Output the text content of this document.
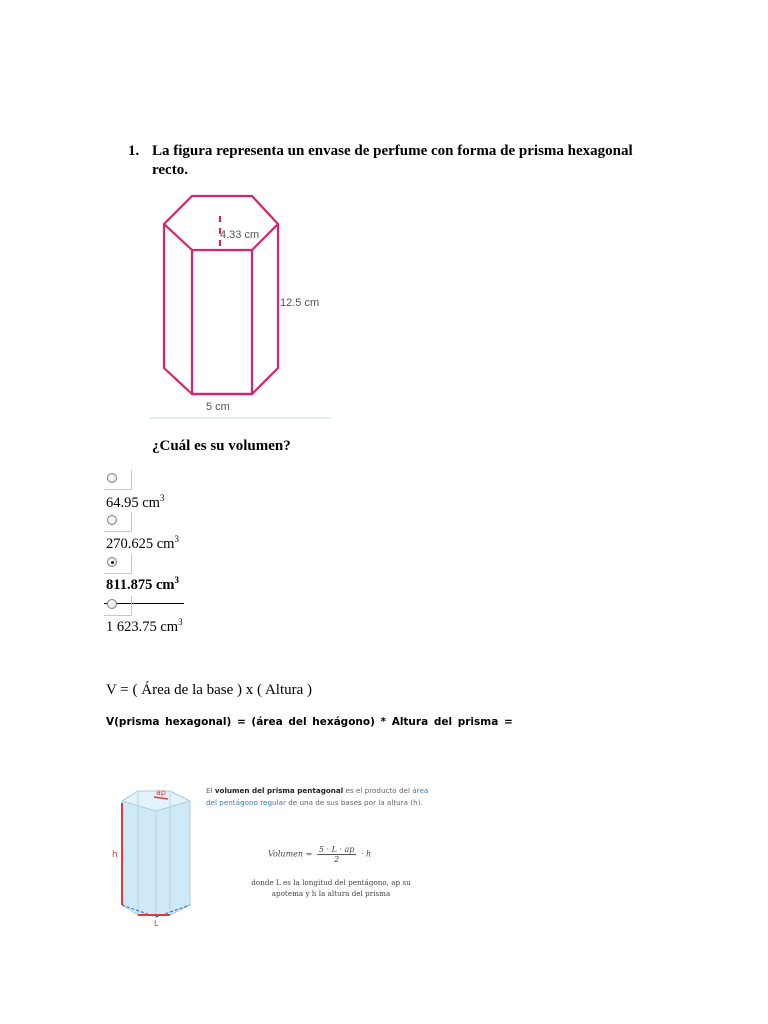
1. La figura representa un envase de perfume con forma de prisma hexagonal recto.
4.33 cm
12.5 cm
5 cm
¿Cuál es su volumen?
64.95 $cm^3$
270.625 $cm^3$
811.875 $cm^3$
1 623.75 $cm^3$
V = ( Área de la base ) x ( Altura )
V(prisma hexagonal) = (área del hexágono) * Altura del prisma =
ap
h
L
El volumen del prisma pentagonal es el producto del área del pentágono regular de una de sus bases por la altura (h).
Volumen = $\frac{5 \cdot L \cdot ap}{2} \cdot h$
donde L es la longitud del pentágono, ap su apotema y h la altura del prisma
